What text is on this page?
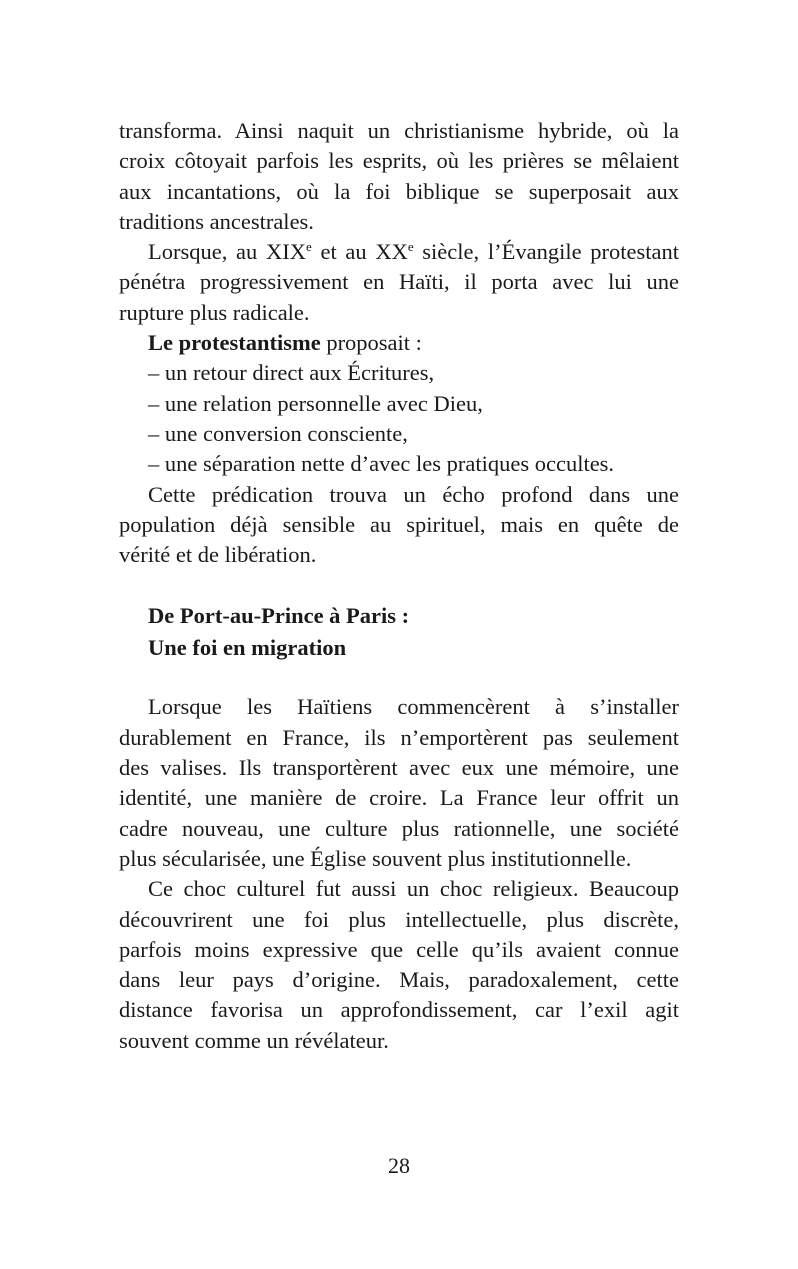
transforma. Ainsi naquit un christianisme hybride, où la

croix côtoyait parfois les esprits, où les prières se mêlaient

aux incantations, où la foi biblique se superposait aux

traditions ancestrales.

Lorsque, au XIXe et au XXe siècle, l’Évangile protestant

pénétra progressivement en Haïti, il porta avec lui une

rupture plus radicale.

Le protestantisme proposait :

– un retour direct aux Écritures,
– une relation personnelle avec Dieu,
– une conversion consciente,
– une séparation nette d’avec les pratiques occultes.

Cette prédication trouva un écho profond dans une

population déjà sensible au spirituel, mais en quête de

vérité et de libération.

De Port-au-Prince à Paris :

Une foi en migration

Lorsque les Haïtiens commencèrent à s’installer

durablement en France, ils n’emportèrent pas seulement

des valises. Ils transportèrent avec eux une mémoire, une

identité, une manière de croire. La France leur offrit un

cadre nouveau, une culture plus rationnelle, une société

plus sécularisée, une Église souvent plus institutionnelle.

Ce choc culturel fut aussi un choc religieux. Beaucoup

découvrirent une foi plus intellectuelle, plus discrète,

parfois moins expressive que celle qu’ils avaient connue

dans leur pays d’origine. Mais, paradoxalement, cette

distance favorisa un approfondissement, car l’exil agit

souvent comme un révélateur.

28
